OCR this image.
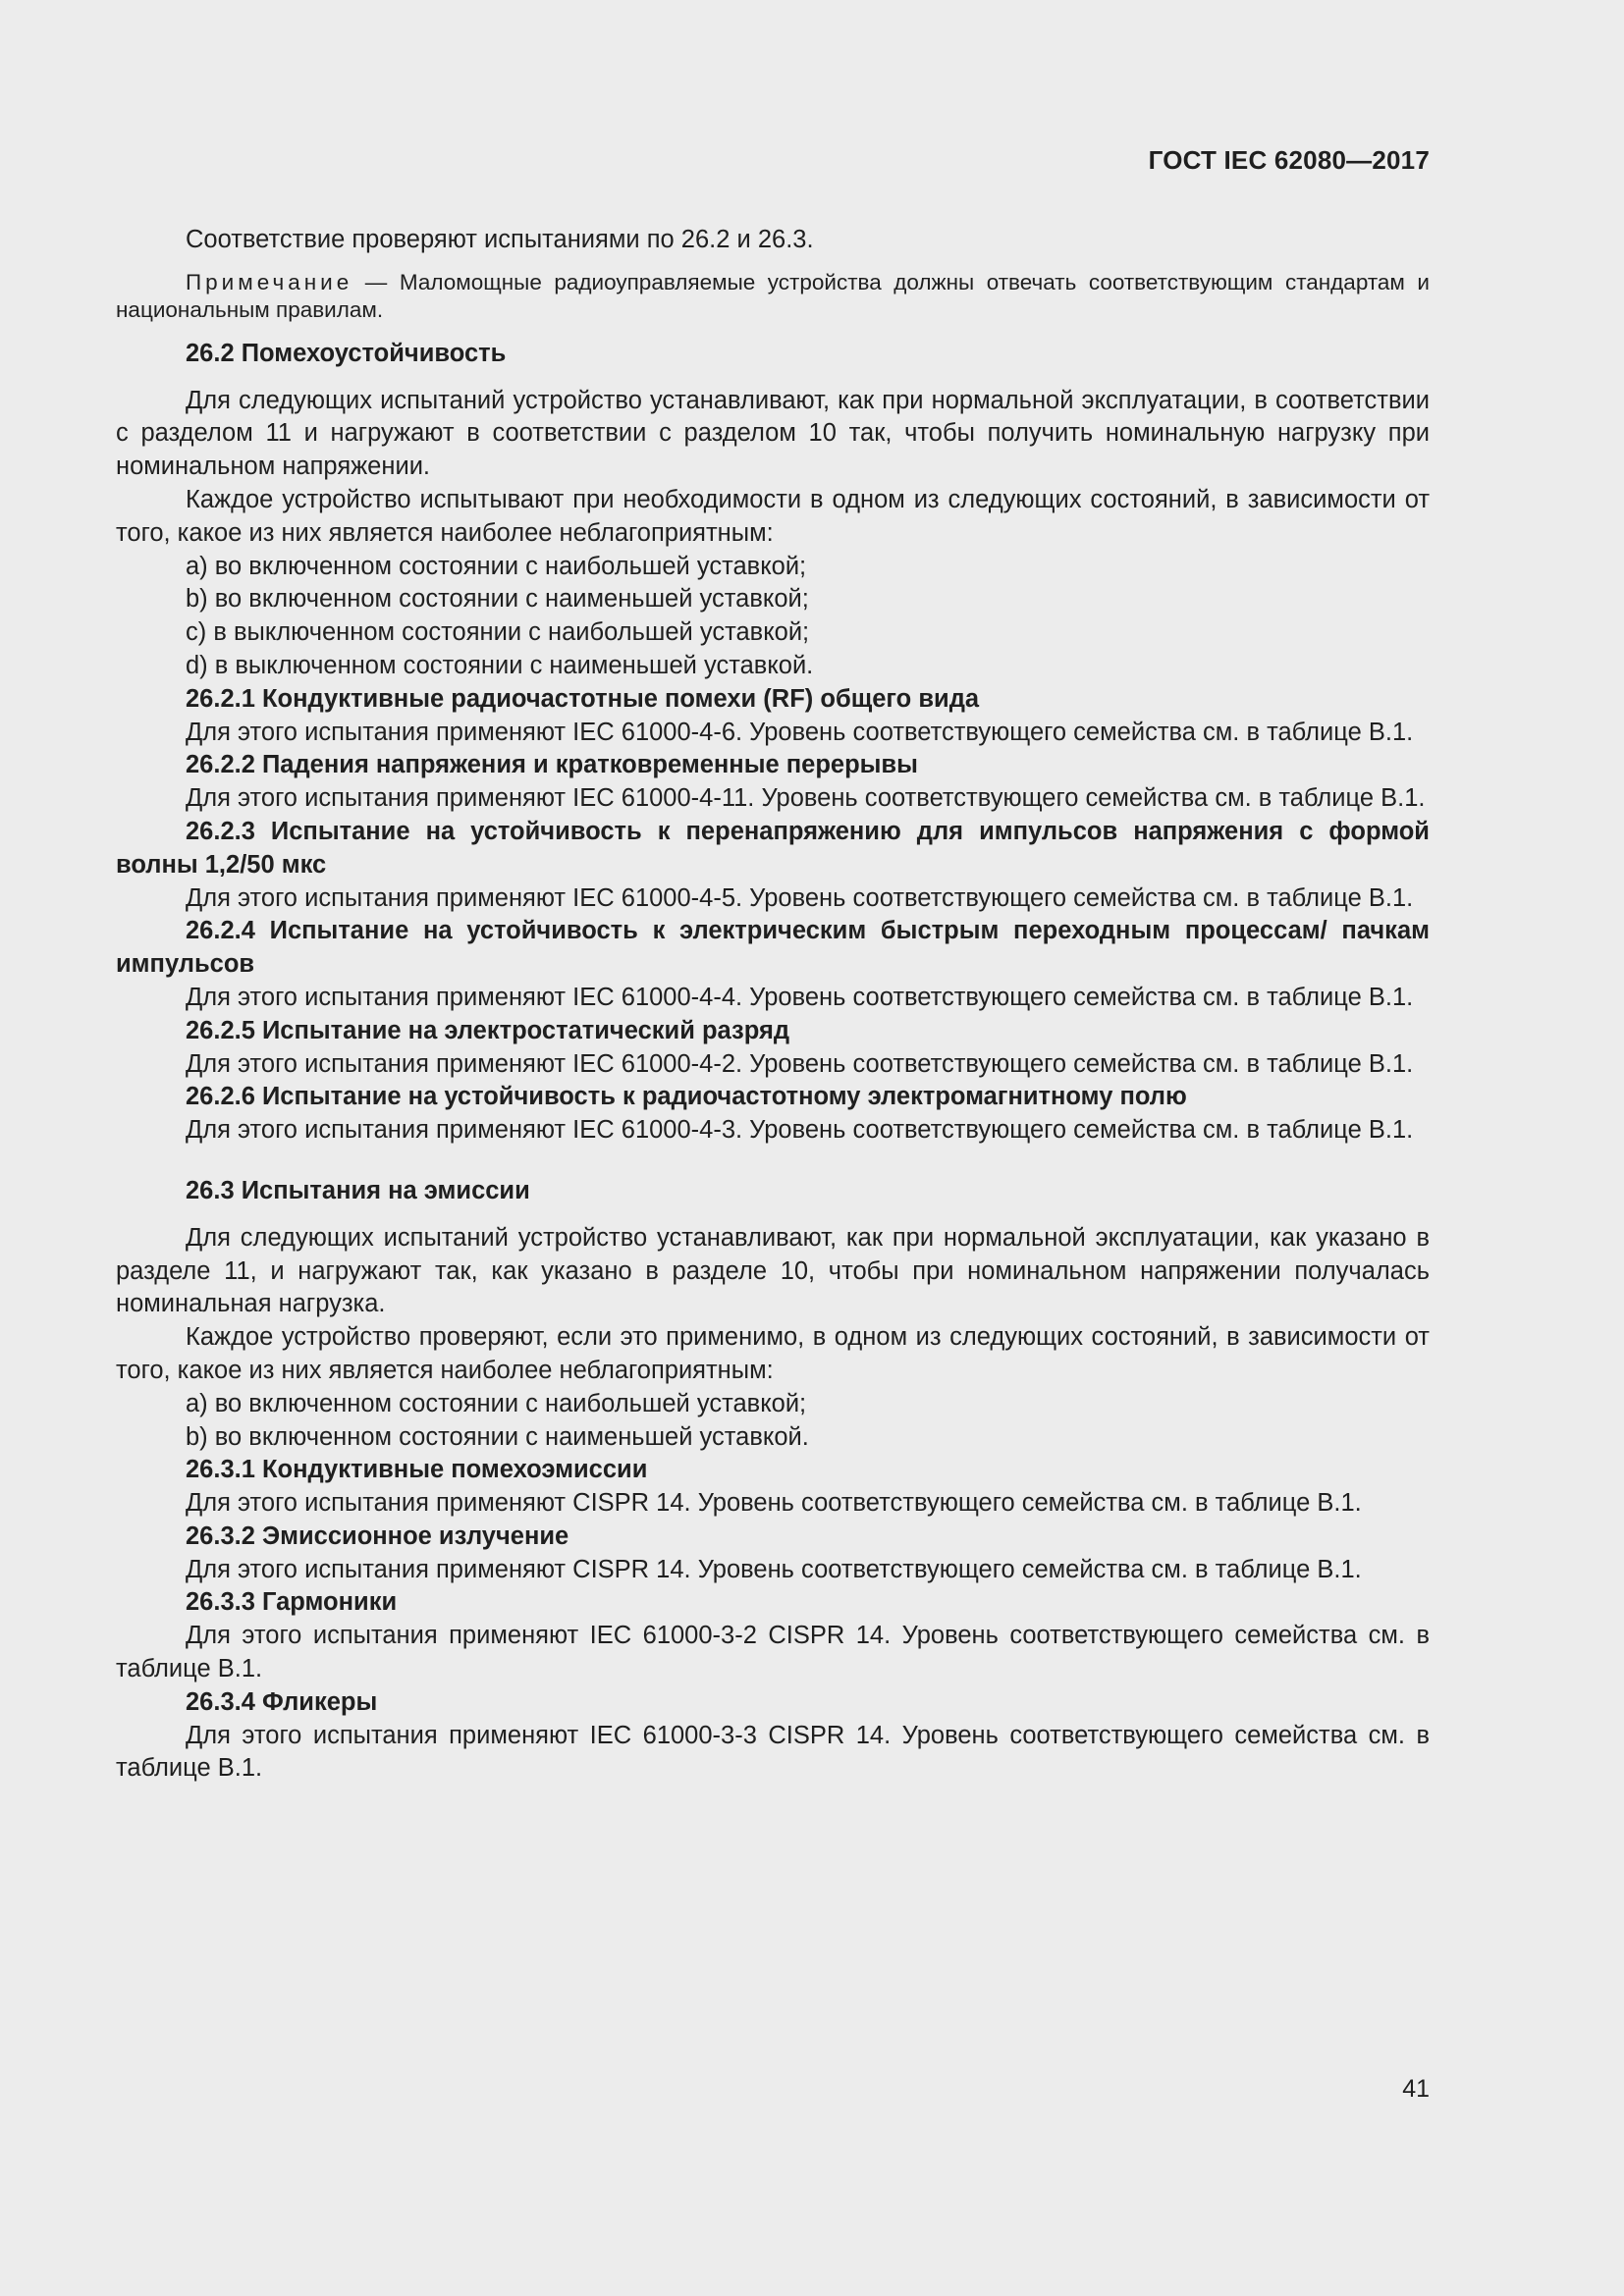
ГОСТ IEC 62080—2017

Соответствие проверяют испытаниями по 26.2 и 26.3.

Примечание — Маломощные радиоуправляемые устройства должны отвечать соответствующим стандартам и национальным правилам.

26.2 Помехоустойчивость

Для следующих испытаний устройство устанавливают, как при нормальной эксплуатации, в соответствии с разделом 11 и нагружают в соответствии с разделом 10 так, чтобы получить номинальную нагрузку при номинальном напряжении.

Каждое устройство испытывают при необходимости в одном из следующих состояний, в зависимости от того, какое из них является наиболее неблагоприятным:

а) во включенном состоянии с наибольшей уставкой;

b) во включенном состоянии с наименьшей уставкой;

с) в выключенном состоянии с наибольшей уставкой;

d) в выключенном состоянии с наименьшей уставкой.

26.2.1 Кондуктивные радиочастотные помехи (RF) общего вида

Для этого испытания применяют IEC 61000-4-6. Уровень соответствующего семейства см. в таблице В.1.

26.2.2 Падения напряжения и кратковременные перерывы

Для этого испытания применяют IEC 61000-4-11. Уровень соответствующего семейства см. в таблице В.1.

26.2.3 Испытание на устойчивость к перенапряжению для импульсов напряжения с формой волны 1,2/50 мкс

Для этого испытания применяют IEC 61000-4-5. Уровень соответствующего семейства см. в таблице В.1.

26.2.4 Испытание на устойчивость к электрическим быстрым переходным процессам/ пачкам импульсов

Для этого испытания применяют IEC 61000-4-4. Уровень соответствующего семейства см. в таблице В.1.

26.2.5 Испытание на электростатический разряд

Для этого испытания применяют IEC 61000-4-2. Уровень соответствующего семейства см. в таблице В.1.

26.2.6 Испытание на устойчивость к радиочастотному электромагнитному полю

Для этого испытания применяют IEC 61000-4-3. Уровень соответствующего семейства см. в таблице В.1.

26.3 Испытания на эмиссии

Для следующих испытаний устройство устанавливают, как при нормальной эксплуатации, как указано в разделе 11, и нагружают так, как указано в разделе 10, чтобы при номинальном напряжении получалась номинальная нагрузка.

Каждое устройство проверяют, если это применимо, в одном из следующих состояний, в зависимости от того, какое из них является наиболее неблагоприятным:

а) во включенном состоянии с наибольшей уставкой;

b) во включенном состоянии с наименьшей уставкой.

26.3.1 Кондуктивные помехоэмиссии

Для этого испытания применяют CISPR 14. Уровень соответствующего семейства см. в таблице В.1.

26.3.2 Эмиссионное излучение

Для этого испытания применяют CISPR 14. Уровень соответствующего семейства см. в таблице В.1.

26.3.3 Гармоники

Для этого испытания применяют IEC 61000-3-2 CISPR 14. Уровень соответствующего семейства см. в таблице В.1.

26.3.4 Фликеры

Для этого испытания применяют IEC 61000-3-3 CISPR 14. Уровень соответствующего семейства см. в таблице В.1.

41
